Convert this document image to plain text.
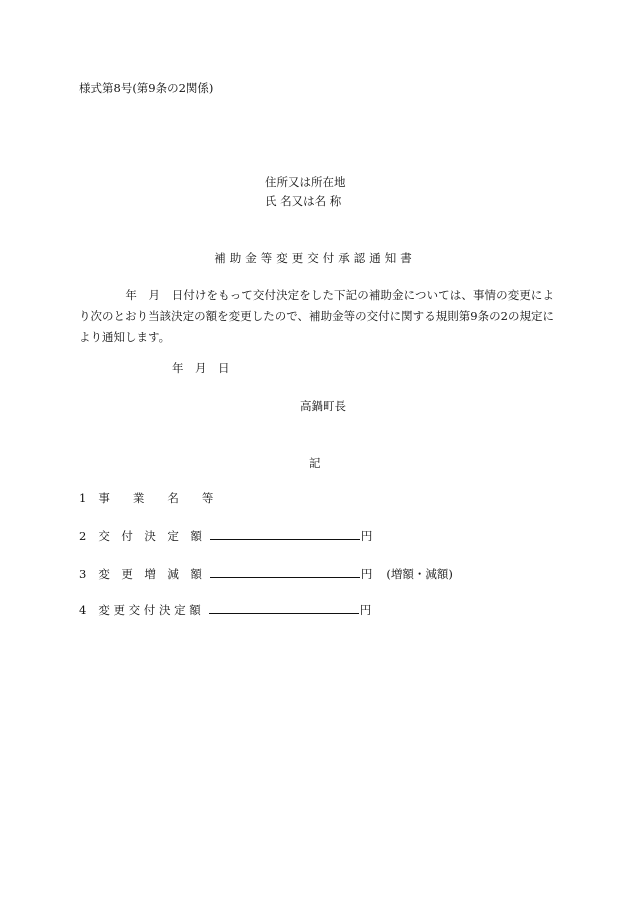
様式第8号(第9条の2関係)
住所又は所在地
氏 名又は名 称
補助金等変更交付承認通知書
　　　　年　月　日付けをもって交付決定をした下記の補助金については、事情の変更により次のとおり当該決定の額を変更したので、補助金等の交付に関する規則第9条の2の規定により通知します。
年　月　日
高鍋町長
記
1 事　　業　　名　　等
2 交　付　決　定　額	円
3 変　更　増　減　額	円 (増額・減額)
4 変 更 交 付 決 定 額	円
